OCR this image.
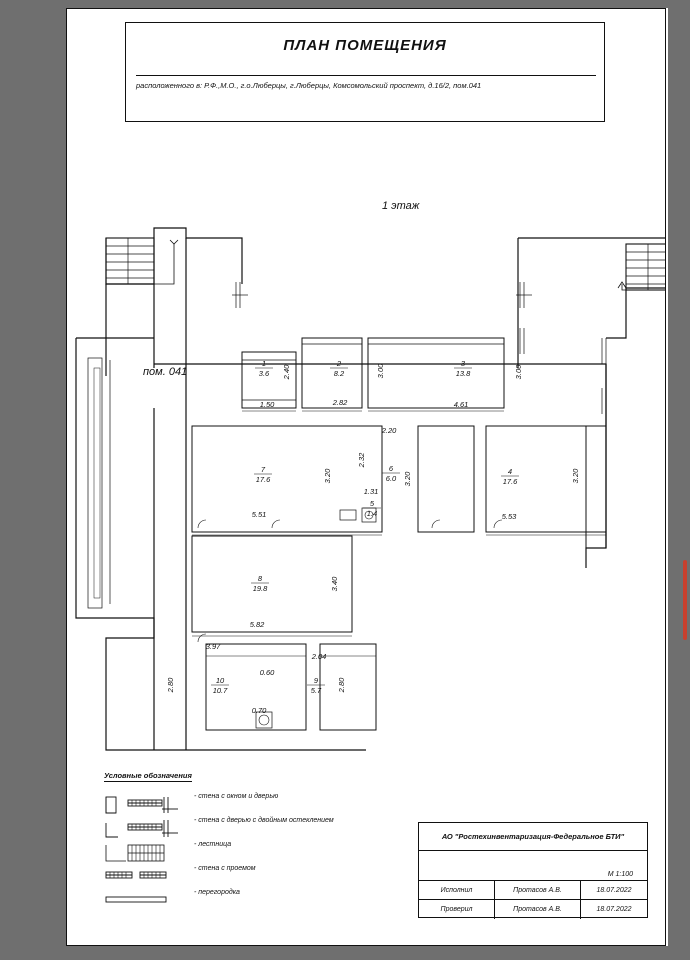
ПЛАН ПОМЕЩЕНИЯ
расположенного в: Р.Ф.,М.О., г.о.Люберцы, г.Люберцы, Комсомольский проспект, д.16/2, пом.041
1 этаж
пом. 041
1
3.6
2
8.2
3
13.8
4
17.6
5
1.4
6
6.0
7
17.6
8
19.8
9
5.7
10
10.7
2.40
1.50	2.82
3.00
4.61
3.00
2.20
2.32
3.20	3.20	3.20
1.31
5.51	5.53
3.40
5.82
3.97
2.04
2.80	2.80
0.60
0.70
Условные обозначения
- стена с окном и дверью
- стена с дверью с двойным остеклением
- лестница
- стена с проемом
- перегородка
АО "Ростехинвентаризация-Федеральное БТИ"
М 1:100
Исполнил	Протасов А.В.	18.07.2022
Проверил	Протасов А.В.	18.07.2022
